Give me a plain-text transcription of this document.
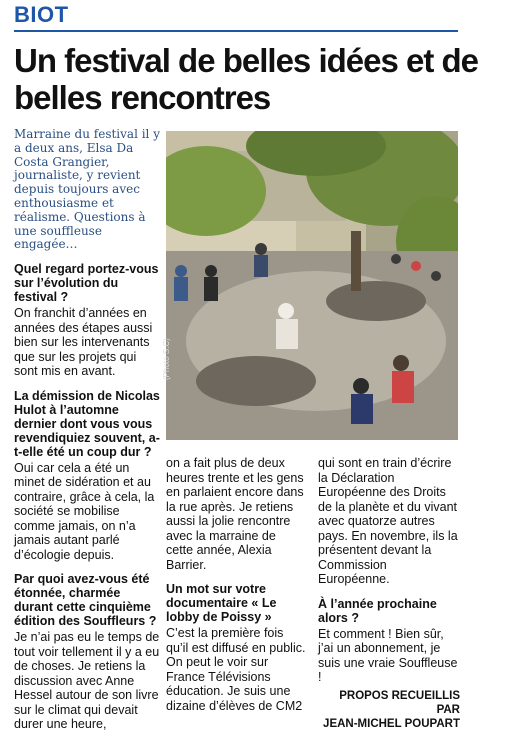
BIOT
Un festival de belles idées et de belles rencontres
Marraine du festival il y a deux ans, Elsa Da Costa Grangier, journaliste, y revient depuis toujours avec enthousiasme et réalisme. Questions à une souffleuse engagée…
Quel regard portez-vous sur l’évolution du festival ?
On franchit d’années en années des étapes aussi bien sur les intervenants que sur les projets qui sont mis en avant.
La démission de Nicolas Hulot à l’automne dernier dont vous vous revendiquiez souvent, a-t-elle été un coup dur ?
Oui car cela a été un minet de sidération et au contraire, grâce à cela, la société se mobilise comme jamais, on n’a jamais autant parlé d’écologie depuis.
Par quoi avez-vous été étonnée, charmée durant cette cinquième édition des Souffleurs ?
Je n’ai pas eu le temps de tout voir tellement il y a eu de choses. Je retiens la discussion avec Anne Hessel autour de son livre sur le climat qui devait durer une heure,
(Photo S.C)
on a fait plus de deux heures trente et les gens en parlaient encore dans la rue après. Je retiens aussi la jolie rencontre avec la marraine de cette année, Alexia Barrier.
Un mot sur votre documentaire « Le lobby de Poissy »
C’est la première fois qu’il est diffusé en public. On peut le voir sur France Télévisions éducation. Je suis une dizaine d’élèves de CM2
qui sont en train d’écrire la Déclaration Européenne des Droits de la planète et du vivant avec quatorze autres pays. En novembre, ils la présentent devant la Commission Européenne.
À l’année prochaine alors ?
Et comment ! Bien sûr, j’ai un abonnement, je suis une vraie Souffleuse !
PROPOS RECUEILLIS PAR
JEAN-MICHEL POUPART
